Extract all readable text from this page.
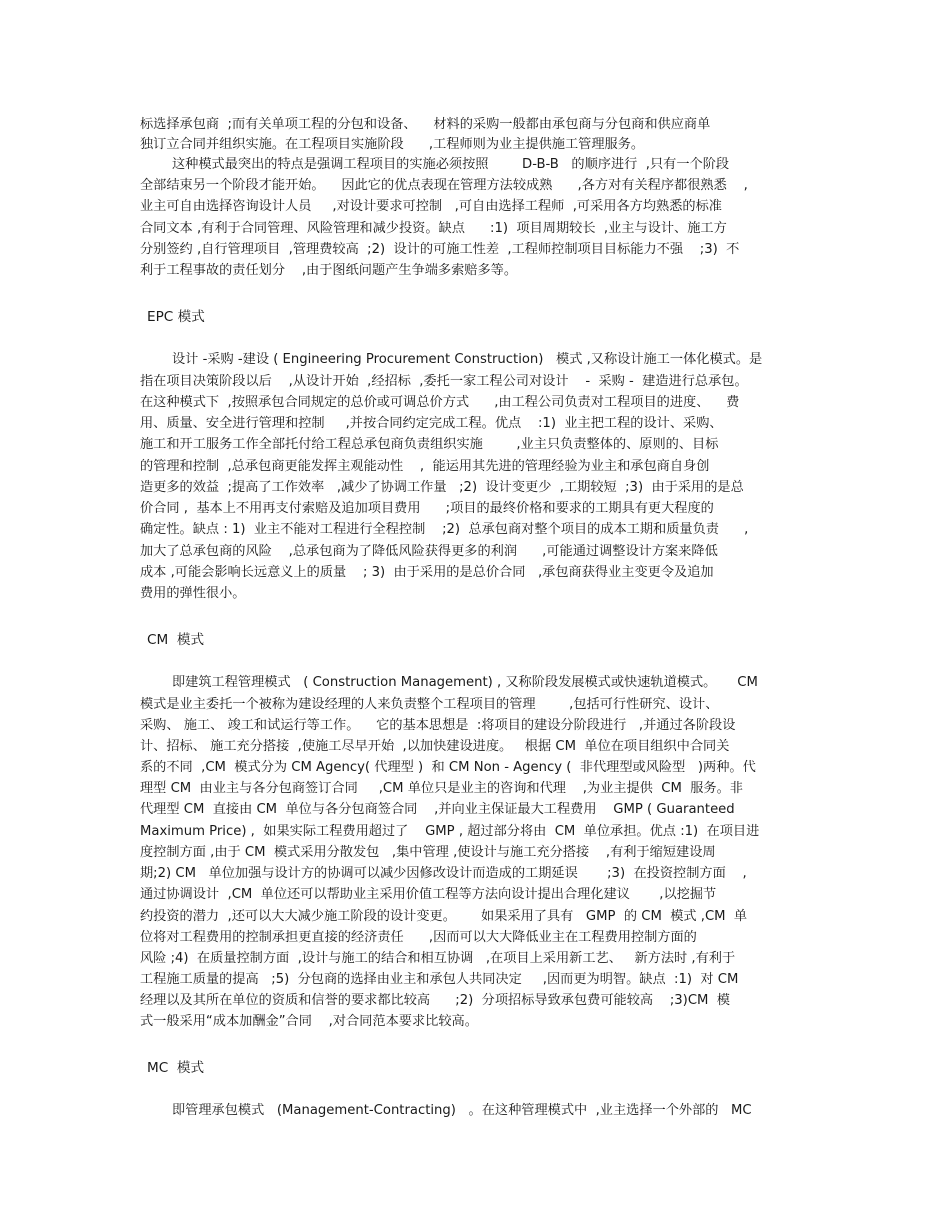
标选择承包商  ;而有关单项工程的分包和设备、    材料的采购一般都由承包商与分包商和供应商单
独订立合同并组织实施。在工程项目实施阶段      ,工程师则为业主提供施工管理服务。
这种模式最突出的特点是强调工程项目的实施必须按照        D-B-B   的顺序进行  ,只有一个阶段
全部结束另一个阶段才能开始。    因此它的优点表现在管理方法较成熟      ,各方对有关程序都很熟悉    ,
业主可自由选择咨询设计人员     ,对设计要求可控制   ,可自由选择工程师  ,可采用各方均熟悉的标准
合同文本 ,有利于合同管理、风险管理和减少投资。缺点      :1)  项目周期较长  ,业主与设计、施工方
分别签约 ,自行管理项目  ,管理费较高  ;2)  设计的可施工性差  ,工程师控制项目目标能力不强    ;3)  不
利于工程事故的责任划分    ,由于图纸问题产生争端多索赔多等。
EPC 模式
设计 -采购 -建设 ( Engineering Procurement Construction)   模式 ,又称设计施工一体化模式。是
指在项目决策阶段以后    ,从设计开始  ,经招标  ,委托一家工程公司对设计    -  采购 -  建造进行总承包。
在这种模式下  ,按照承包合同规定的总价或可调总价方式      ,由工程公司负责对工程项目的进度、    费
用、质量、安全进行管理和控制     ,并按合同约定完成工程。优点    :1)  业主把工程的设计、采购、
施工和开工服务工作全部托付给工程总承包商负责组织实施        ,业主只负责整体的、原则的、目标
的管理和控制  ,总承包商更能发挥主观能动性    ,  能运用其先进的管理经验为业主和承包商自身创
造更多的效益  ;提高了工作效率   ,减少了协调工作量   ;2)  设计变更少  ,工期较短  ;3)  由于采用的是总
价合同 ,  基本上不用再支付索赔及追加项目费用      ;项目的最终价格和要求的工期具有更大程度的
确定性。缺点 : 1)  业主不能对工程进行全程控制    ;2)  总承包商对整个项目的成本工期和质量负责      ,
加大了总承包商的风险    ,总承包商为了降低风险获得更多的利润      ,可能通过调整设计方案来降低
成本 ,可能会影响长远意义上的质量    ; 3)  由于采用的是总价合同   ,承包商获得业主变更令及追加
费用的弹性很小。
CM  模式
即建筑工程管理模式   ( Construction Management) , 又称阶段发展模式或快速轨道模式。     CM
模式是业主委托一个被称为建设经理的人来负责整个工程项目的管理        ,包括可行性研究、设计、
采购、 施工、 竣工和试运行等工作。    它的基本思想是  :将项目的建设分阶段进行   ,并通过各阶段设
计、招标、 施工充分搭接  ,使施工尽早开始  ,以加快建设进度。   根据 CM  单位在项目组织中合同关
系的不同  ,CM  模式分为 CM Agency( 代理型 )  和 CM Non - Agency (  非代理型或风险型   )两种。代
理型 CM  由业主与各分包商签订合同     ,CM 单位只是业主的咨询和代理    ,为业主提供  CM  服务。非
代理型 CM  直接由 CM  单位与各分包商签合同    ,并向业主保证最大工程费用    GMP ( Guaranteed
Maximum Price) ,  如果实际工程费用超过了    GMP , 超过部分将由  CM  单位承担。优点 :1)  在项目进
度控制方面 ,由于 CM  模式采用分散发包   ,集中管理 ,使设计与施工充分搭接    ,有利于缩短建设周
期;2) CM   单位加强与设计方的协调可以减少因修改设计而造成的工期延误       ;3)  在投资控制方面    ,
通过协调设计  ,CM  单位还可以帮助业主采用价值工程等方法向设计提出合理化建议       ,以挖掘节
约投资的潜力  ,还可以大大减少施工阶段的设计变更。      如果采用了具有   GMP  的 CM  模式 ,CM  单
位将对工程费用的控制承担更直接的经济责任      ,因而可以大大降低业主在工程费用控制方面的
风险 ;4)  在质量控制方面  ,设计与施工的结合和相互协调   ,在项目上采用新工艺、   新方法时 ,有利于
工程施工质量的提高   ;5)  分包商的选择由业主和承包人共同决定     ,因而更为明智。缺点  :1)  对 CM
经理以及其所在单位的资质和信誉的要求都比较高      ;2)  分项招标导致承包费可能较高    ;3)CM  模
式一般采用“成本加酬金”合同    ,对合同范本要求比较高。
MC  模式
即管理承包模式   (Management-Contracting)   。在这种管理模式中  ,业主选择一个外部的   MC
